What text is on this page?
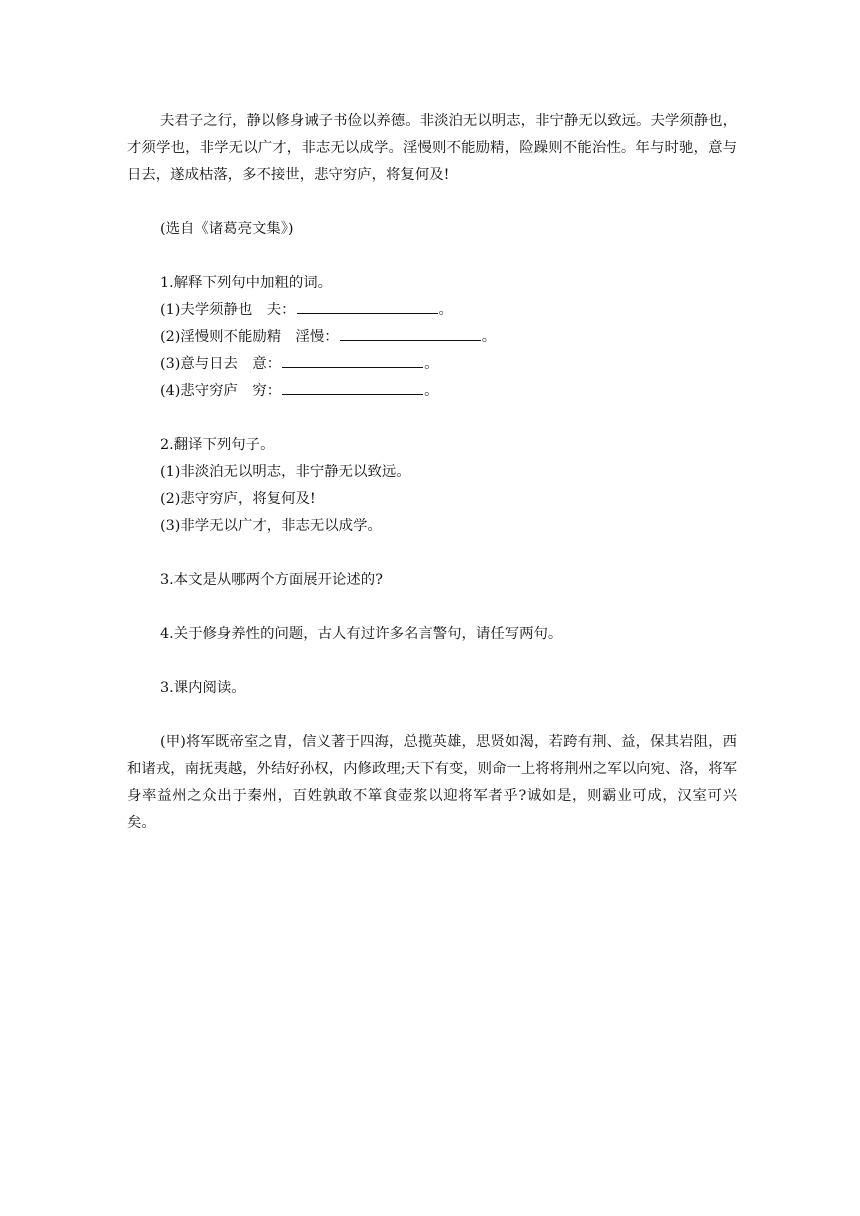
夫君子之行，静以修身诫子书俭以养德。非淡泊无以明志，非宁静无以致远。夫学须静也，才须学也，非学无以广才，非志无以成学。淫慢则不能励精，险躁则不能治性。年与时驰，意与日去，遂成枯落，多不接世，悲守穷庐，将复何及!

(选自《诸葛亮文集》)

1.解释下列句中加粗的词。

(1)夫学须静也　夫：	。

(2)淫慢则不能励精　淫慢：	。

(3)意与日去　意：	。

(4)悲守穷庐　穷：	。

2.翻译下列句子。

(1)非淡泊无以明志，非宁静无以致远。

(2)悲守穷庐，将复何及!

(3)非学无以广才，非志无以成学。

3.本文是从哪两个方面展开论述的?

4.关于修身养性的问题，古人有过许多名言警句，请任写两句。

3.课内阅读。

(甲)将军既帝室之胄，信义著于四海，总揽英雄，思贤如渴，若跨有荆、益，保其岩阻，西和诸戎，南抚夷越，外结好孙权，内修政理;天下有变，则命一上将将荆州之军以向宛、洛，将军身率益州之众出于秦州，百姓孰敢不箪食壶浆以迎将军者乎?诚如是，则霸业可成，汉室可兴矣。
